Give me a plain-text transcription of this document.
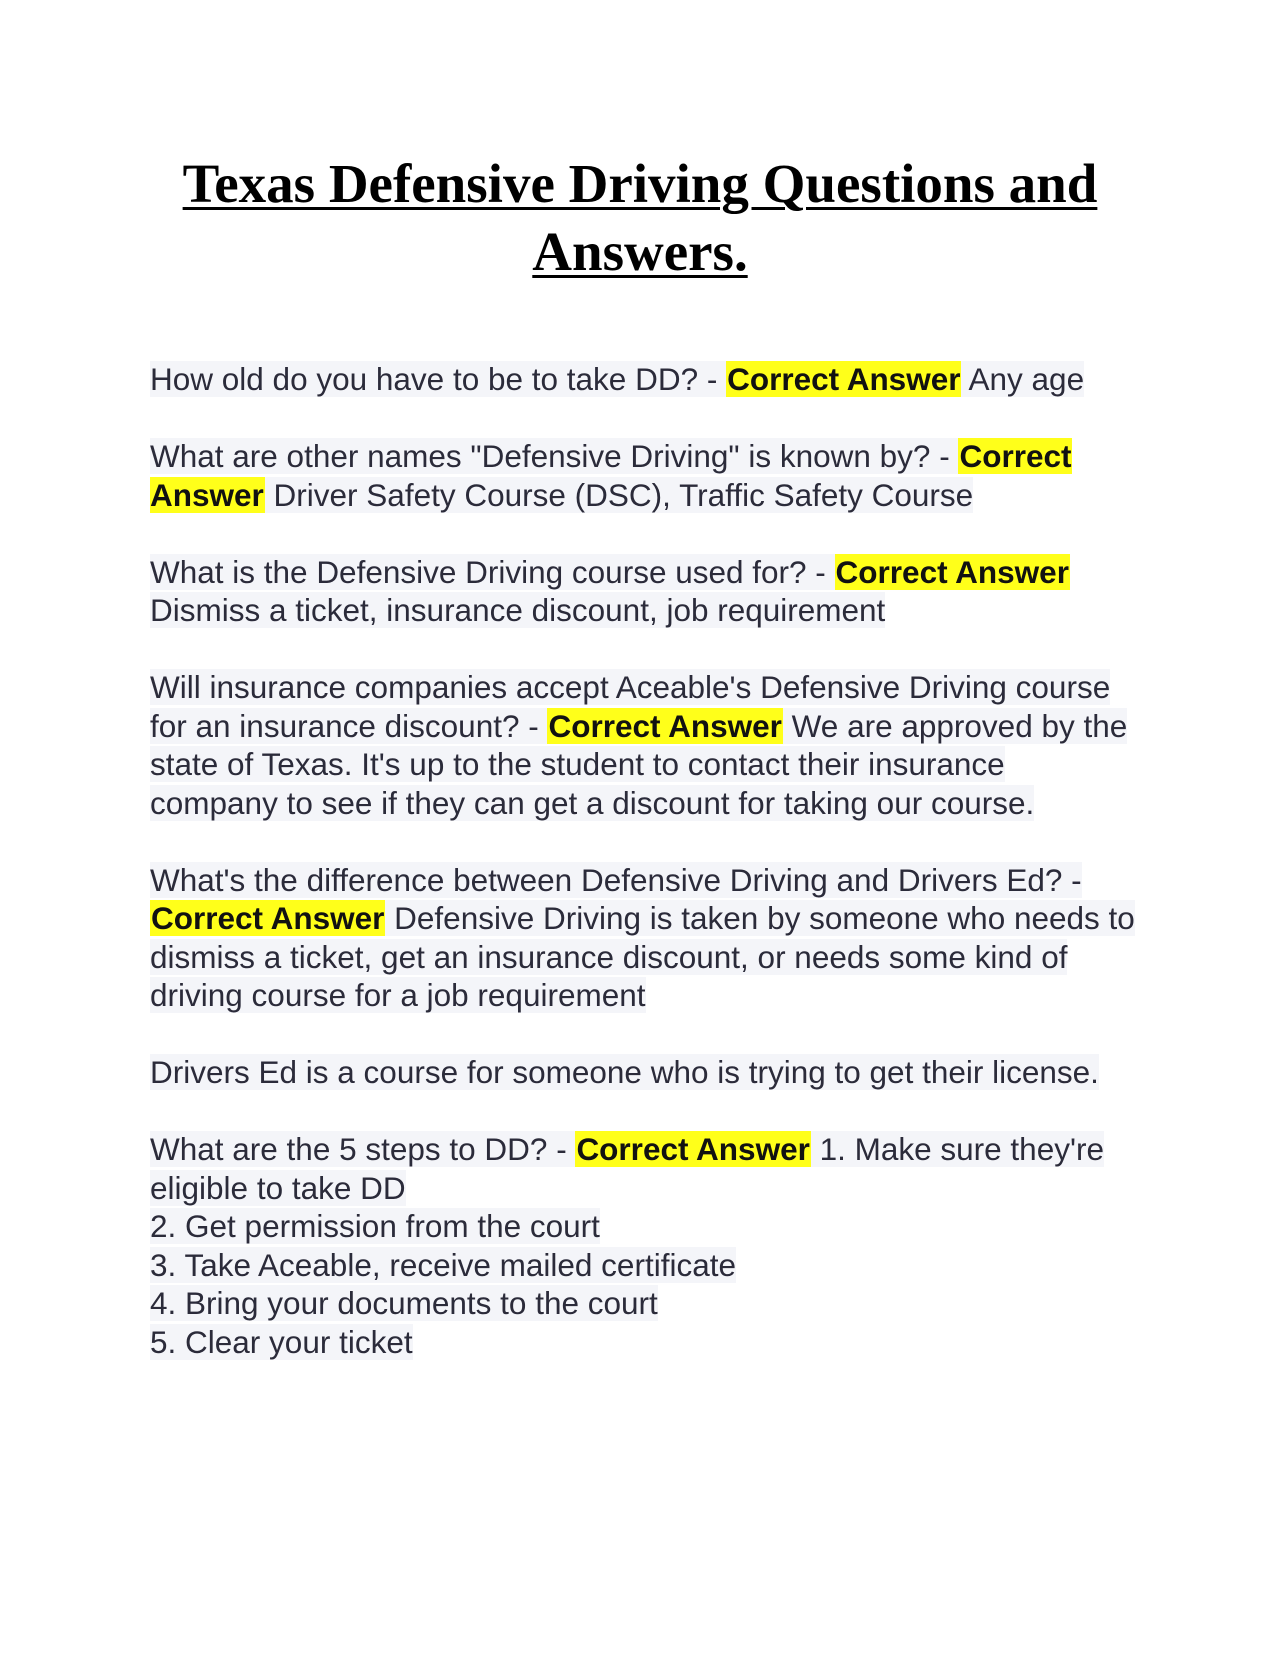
Texas Defensive Driving Questions and Answers.

How old do you have to be to take DD? - Correct Answer Any age

What are other names "Defensive Driving" is known by? - Correct Answer Driver Safety Course (DSC), Traffic Safety Course

What is the Defensive Driving course used for? - Correct Answer Dismiss a ticket, insurance discount, job requirement

Will insurance companies accept Aceable's Defensive Driving course for an insurance discount? - Correct Answer We are approved by the state of Texas. It's up to the student to contact their insurance company to see if they can get a discount for taking our course.

What's the difference between Defensive Driving and Drivers Ed? - Correct Answer Defensive Driving is taken by someone who needs to dismiss a ticket, get an insurance discount, or needs some kind of driving course for a job requirement

Drivers Ed is a course for someone who is trying to get their license.

What are the 5 steps to DD? - Correct Answer 1. Make sure they're eligible to take DD
2. Get permission from the court
3. Take Aceable, receive mailed certificate
4. Bring your documents to the court
5. Clear your ticket
